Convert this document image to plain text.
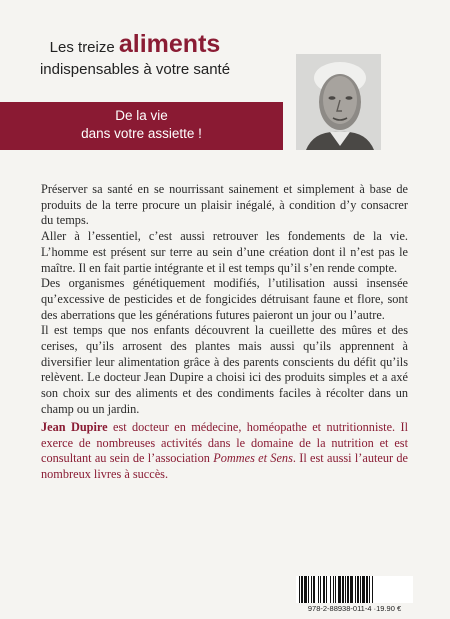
Les treize aliments
indispensables à votre santé
De la vie
dans votre assiette !

Préserver sa santé en se nourrissant sainement et simplement à base de produits de la terre procure un plaisir inégalé, à condition d’y consacrer du temps.

Aller à l’essentiel, c’est aussi retrouver les fondements de la vie. L’homme est présent sur terre au sein d’une création dont il n’est pas le maître. Il en fait partie intégrante et il est temps qu’il s’en rende compte.

Des organismes génétiquement modifiés, l’utilisation aussi insensée qu’excessive de pesticides et de fongicides détruisant faune et flore, sont des aberrations que les générations futures paieront un jour ou l’autre.

Il est temps que nos enfants découvrent la cueillette des mûres et des cerises, qu’ils arrosent des plantes mais aussi qu’ils apprennent à diversifier leur alimentation grâce à des parents conscients du défit qu’ils relèvent. Le docteur Jean Dupire a choisi ici des produits simples et a axé son choix sur des aliments et des condiments faciles à récolter dans un champ ou un jardin.

Jean Dupire est docteur en médecine, homéopathe et nutritionniste. Il exerce de nombreuses activités dans le domaine de la nutrition et est consultant au sein de l’association Pommes et Sens. Il est aussi l’auteur de nombreux livres à succès.
978-2-88938-011-4 ·19.90 €
